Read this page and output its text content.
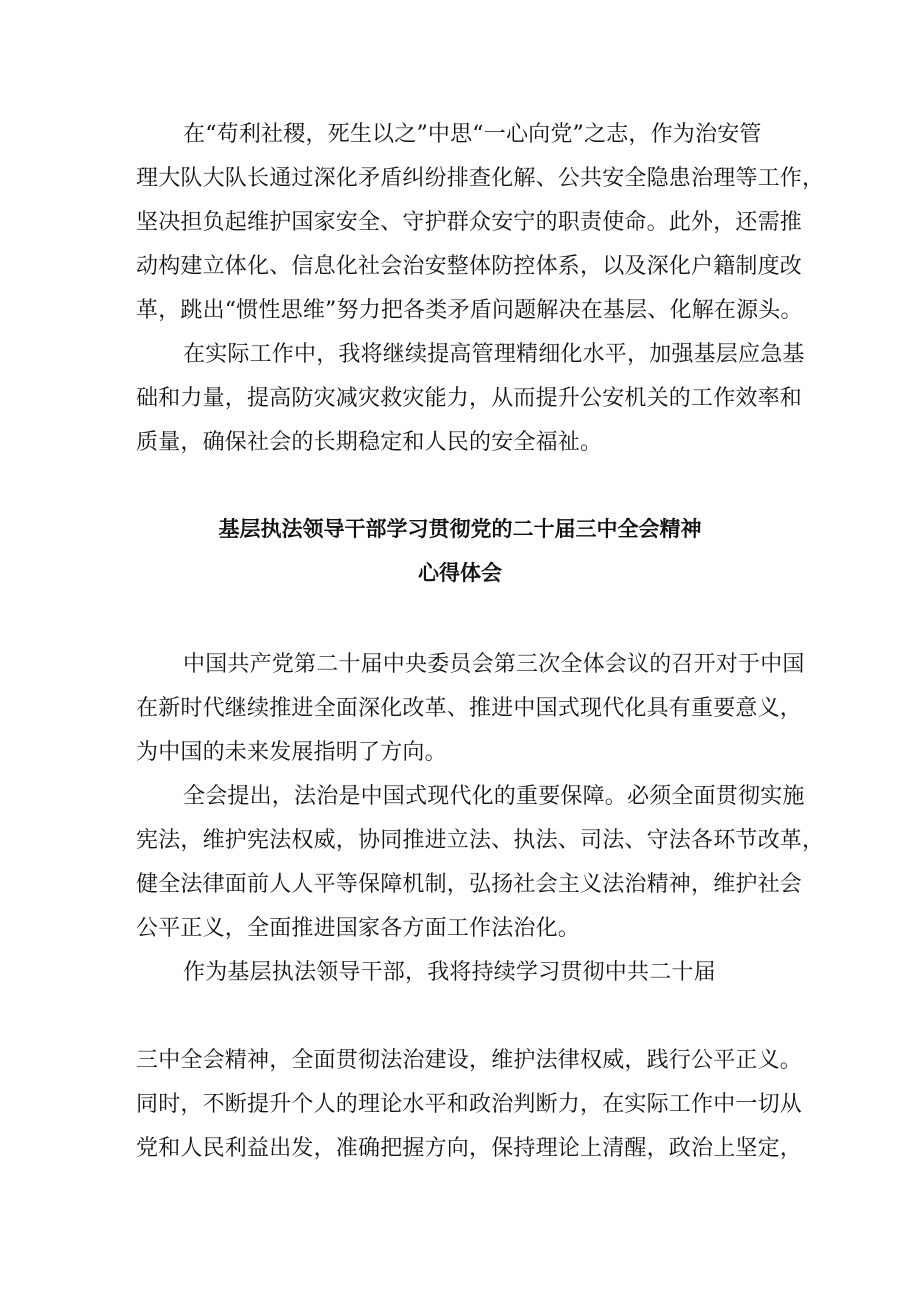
在“苟利社稷，死生以之”中思“一心向党”之志，作为治安管
理大队大队长通过深化矛盾纠纷排查化解、公共安全隐患治理等工作，
坚决担负起维护国家安全、守护群众安宁的职责使命。此外，还需推
动构建立体化、信息化社会治安整体防控体系，以及深化户籍制度改
革，跳出“惯性思维”努力把各类矛盾问题解决在基层、化解在源头。
在实际工作中，我将继续提高管理精细化水平，加强基层应急基
础和力量，提高防灾减灾救灾能力，从而提升公安机关的工作效率和
质量，确保社会的长期稳定和人民的安全福祉。
基层执法领导干部学习贯彻党的二十届三中全会精神
心得体会
中国共产党第二十届中央委员会第三次全体会议的召开对于中国
在新时代继续推进全面深化改革、推进中国式现代化具有重要意义，
为中国的未来发展指明了方向。
全会提出，法治是中国式现代化的重要保障。必须全面贯彻实施
宪法，维护宪法权威，协同推进立法、执法、司法、守法各环节改革，
健全法律面前人人平等保障机制，弘扬社会主义法治精神，维护社会
公平正义，全面推进国家各方面工作法治化。
作为基层执法领导干部，我将持续学习贯彻中共二十届
三中全会精神，全面贯彻法治建设，维护法律权威，践行公平正义。
同时，不断提升个人的理论水平和政治判断力，在实际工作中一切从
党和人民利益出发，准确把握方向，保持理论上清醒，政治上坚定，
